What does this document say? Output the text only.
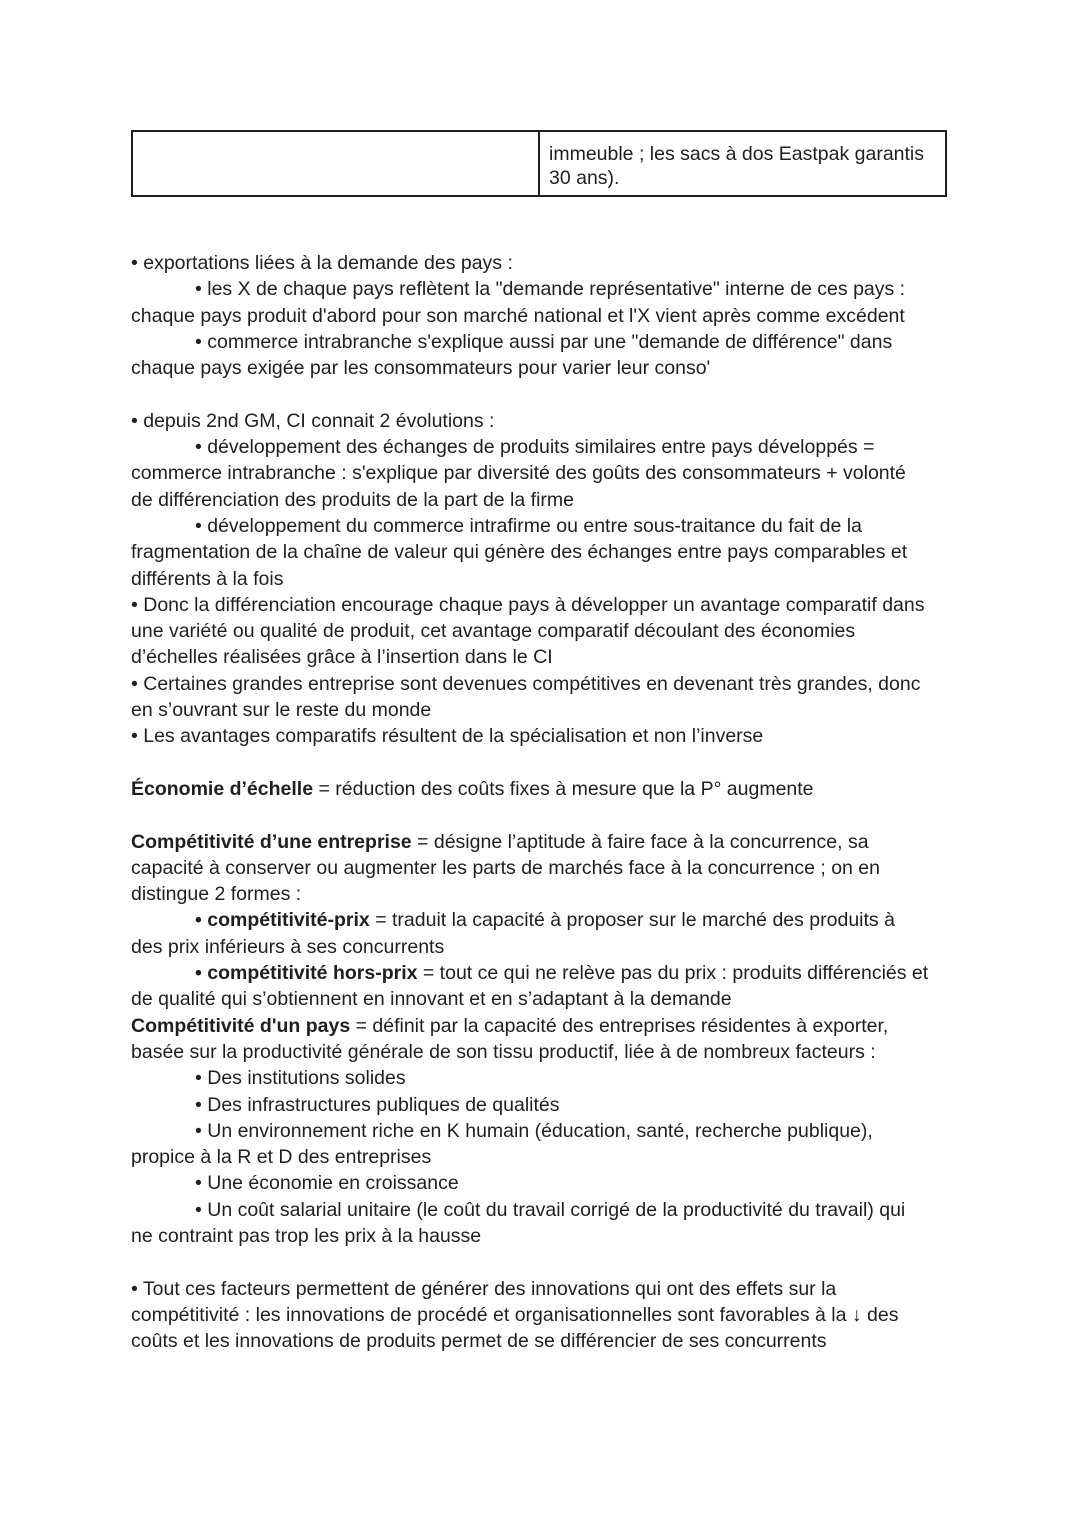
	immeuble ; les sacs à dos Eastpak garantis 30 ans).

• exportations liées à la demande des pays :

• les X de chaque pays reflètent la "demande représentative" interne de ces pays :

chaque pays produit d'abord pour son marché national et l'X vient après comme excédent

• commerce intrabranche s'explique aussi par une "demande de différence" dans

chaque pays exigée par les consommateurs pour varier leur conso'

• depuis 2nd GM, CI connait 2 évolutions :

• développement des échanges de produits similaires entre pays développés =

commerce intrabranche : s'explique par diversité des goûts des consommateurs + volonté

de différenciation des produits de la part de la firme

• développement du commerce intrafirme ou entre sous-traitance du fait de la

fragmentation de la chaîne de valeur qui génère des échanges entre pays comparables et

différents à la fois

• Donc la différenciation encourage chaque pays à développer un avantage comparatif dans

une variété ou qualité de produit, cet avantage comparatif découlant des économies

d’échelles réalisées grâce à l’insertion dans le CI

• Certaines grandes entreprise sont devenues compétitives en devenant très grandes, donc

en s’ouvrant sur le reste du monde

• Les avantages comparatifs résultent de la spécialisation et non l’inverse

Économie d’échelle = réduction des coûts fixes à mesure que la P° augmente

Compétitivité d’une entreprise = désigne l’aptitude à faire face à la concurrence, sa

capacité à conserver ou augmenter les parts de marchés face à la concurrence ; on en

distingue 2 formes :

• compétitivité-prix = traduit la capacité à proposer sur le marché des produits à

des prix inférieurs à ses concurrents

• compétitivité hors-prix = tout ce qui ne relève pas du prix : produits différenciés et

de qualité qui s’obtiennent en innovant et en s’adaptant à la demande

Compétitivité d'un pays = définit par la capacité des entreprises résidentes à exporter,

basée sur la productivité générale de son tissu productif, liée à de nombreux facteurs :

• Des institutions solides

• Des infrastructures publiques de qualités

• Un environnement riche en K humain (éducation, santé, recherche publique),

propice à la R et D des entreprises

• Une économie en croissance

• Un coût salarial unitaire (le coût du travail corrigé de la productivité du travail) qui

ne contraint pas trop les prix à la hausse

• Tout ces facteurs permettent de générer des innovations qui ont des effets sur la

compétitivité : les innovations de procédé et organisationnelles sont favorables à la ↓ des

coûts et les innovations de produits permet de se différencier de ses concurrents
